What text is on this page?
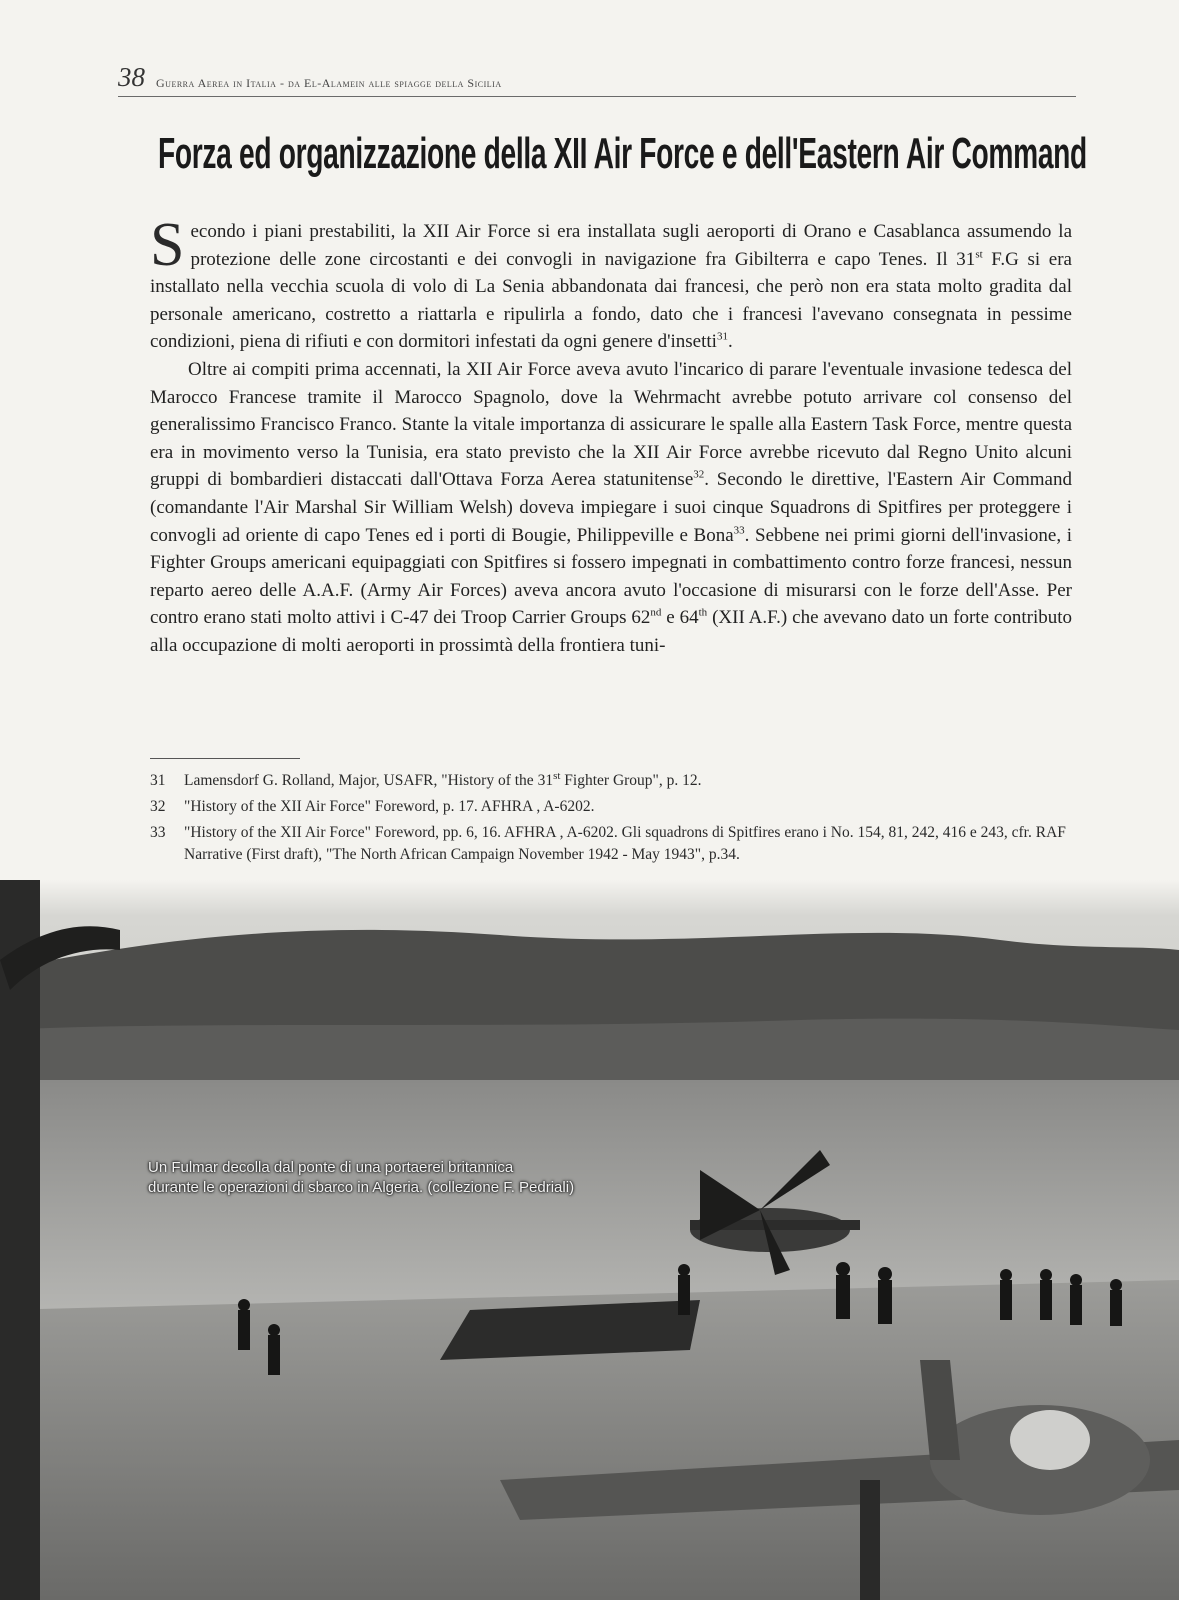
38 Guerra Aerea in Italia - da El-Alamein alle spiagge della Sicilia
Forza ed organizzazione della XII Air Force e dell'Eastern Air Command

Secondo i piani prestabiliti, la XII Air Force si era installata sugli aeroporti di Orano e Casablanca assumendo la protezione delle zone circostanti e dei convogli in navigazione fra Gibilterra e capo Tenes. Il 31st F.G si era installato nella vecchia scuola di volo di La Senia abbandonata dai francesi, che però non era stata molto gradita dal personale americano, costretto a riattarla e ripulirla a fondo, dato che i francesi l'avevano consegnata in pessime condizioni, piena di rifiuti e con dormitori infestati da ogni genere d'insetti$^{31}$.

Oltre ai compiti prima accennati, la XII Air Force aveva avuto l'incarico di parare l'eventuale invasione tedesca del Marocco Francese tramite il Marocco Spagnolo, dove la Wehrmacht avrebbe potuto arrivare col consenso del generalissimo Francisco Franco. Stante la vitale importanza di assicurare le spalle alla Eastern Task Force, mentre questa era in movimento verso la Tunisia, era stato previsto che la XII Air Force avrebbe ricevuto dal Regno Unito alcuni gruppi di bombardieri distaccati dall'Ottava Forza Aerea statunitense$^{32}$. Secondo le direttive, l'Eastern Air Command (comandante l'Air Marshal Sir William Welsh) doveva impiegare i suoi cinque Squadrons di Spitfires per proteggere i convogli ad oriente di capo Tenes ed i porti di Bougie, Philippeville e Bona$^{33}$. Sebbene nei primi giorni dell'invasione, i Fighter Groups americani equipaggiati con Spitfires si fossero impegnati in combattimento contro forze francesi, nessun reparto aereo delle A.A.F. (Army Air Forces) aveva ancora avuto l'occasione di misurarsi con le forze dell'Asse. Per contro erano stati molto attivi i C-47 dei Troop Carrier Groups 62nd e 64th (XII A.F.) che avevano dato un forte contributo alla occupazione di molti aeroporti in prossimtà della frontiera tuni-

31 Lamensdorf G. Rolland, Major, USAFR, "History of the 31st Fighter Group", p. 12.
32 "History of the XII Air Force" Foreword, p. 17. AFHRA , A-6202.
33 "History of the XII Air Force" Foreword, pp. 6, 16. AFHRA , A-6202. Gli squadrons di Spitfires erano i No. 154, 81, 242, 416 e 243, cfr. RAF Narrative (First draft), "The North African Campaign November 1942 - May 1943", p.34.
Un Fulmar decolla dal ponte di una portaerei britannica
durante le operazioni di sbarco in Algeria. (collezione F. Pedriali)
